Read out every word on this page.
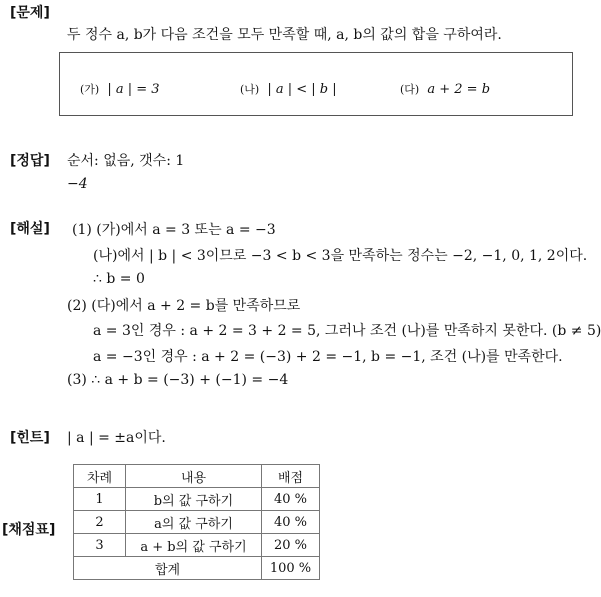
[문제]
두 정수 a, b가 다음 조건을 모두 만족할 때, a, b의 값의 합을 구하여라.
(가) | a | = 3	(나) | a | < | b |	(다) a + 2 = b
[정답] 순서: 없음, 갯수: 1
−4
[해설] (1) (가)에서 a = 3 또는 a = −3
(나)에서 | b | < 3이므로 −3 < b < 3을 만족하는 정수는 −2, −1, 0, 1, 2이다.
∴ b = 0
(2) (다)에서 a + 2 = b를 만족하므로
a = 3인 경우 : a + 2 = 3 + 2 = 5, 그러나 조건 (나)를 만족하지 못한다. (b ≠ 5)
a = −3인 경우 : a + 2 = (−3) + 2 = −1, b = −1, 조건 (나)를 만족한다.
(3) ∴ a + b = (−3) + (−1) = −4
[힌트] | a | = ±a이다.
[채점표]
차례	내용	배점
1	b의 값 구하기	40 %
2	a의 값 구하기	40 %
3	a + b의 값 구하기	20 %
합계		100 %
